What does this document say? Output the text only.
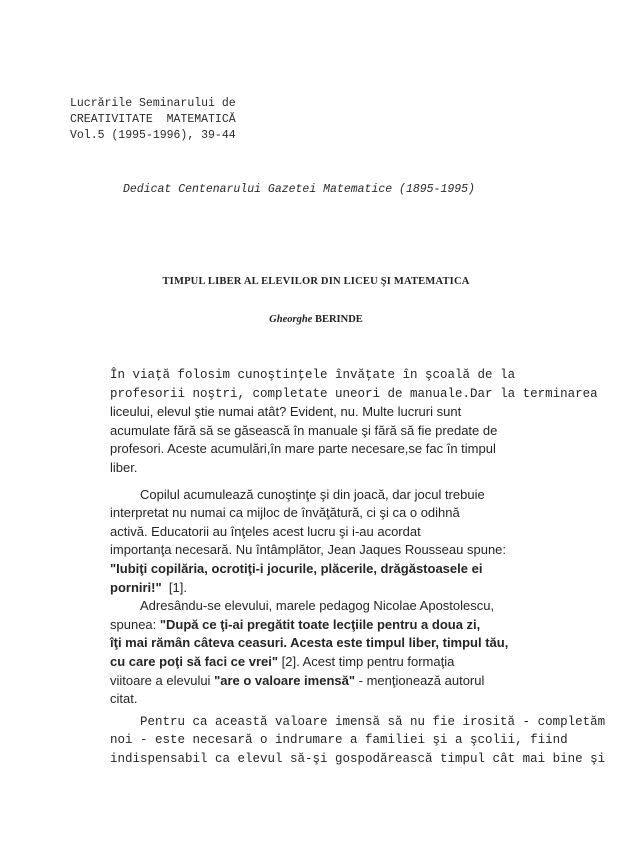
Lucrările Seminarului de
CREATIVITATE  MATEMATICĂ
Vol.5 (1995-1996), 39-44
Dedicat Centenarului Gazetei Matematice (1895-1995)
TIMPUL LIBER AL ELEVILOR DIN LICEU ŞI MATEMATICA
Gheorghe BERINDE
În viaţă folosim cunoştinţele învăţate în şcoală de la
profesorii noştri, completate uneori de manuale.Dar la terminarea
liceului, elevul ştie numai atât? Evident, nu. Multe lucruri sunt
acumulate fără să se găsească în manuale şi fără să fie predate de
profesori. Aceste acumulări,în mare parte necesare,se fac în timpul
liber.
Copilul acumulează cunoştinţe şi din joacă, dar jocul trebuie
interpretat nu numai ca mijloc de învăţătură, ci şi ca o odihnă
activă. Educatorii au înţeles acest lucru şi i-au acordat
importanţa necesară. Nu întâmplător, Jean Jaques Rousseau spune:
"Iubiţi copilăria, ocrotiţi-i jocurile, plăcerile, drăgăstoasele ei
porniri!" [1].
Adresându-se elevului, marele pedagog Nicolae Apostolescu,
spunea: "După ce ţi-ai pregătit toate lecţiile pentru a doua zi,
îţi mai rămân câteva ceasuri. Acesta este timpul liber, timpul tău,
cu care poţi să faci ce vrei" [2]. Acest timp pentru formaţia
viitoare a elevului "are o valoare imensă" - menţionează autorul
citat.
Pentru ca această valoare imensă să nu fie irosită - completăm
noi - este necesară o indrumare a familiei şi a şcolii, fiind
indispensabil ca elevul să-şi gospodărească timpul cât mai bine şi
